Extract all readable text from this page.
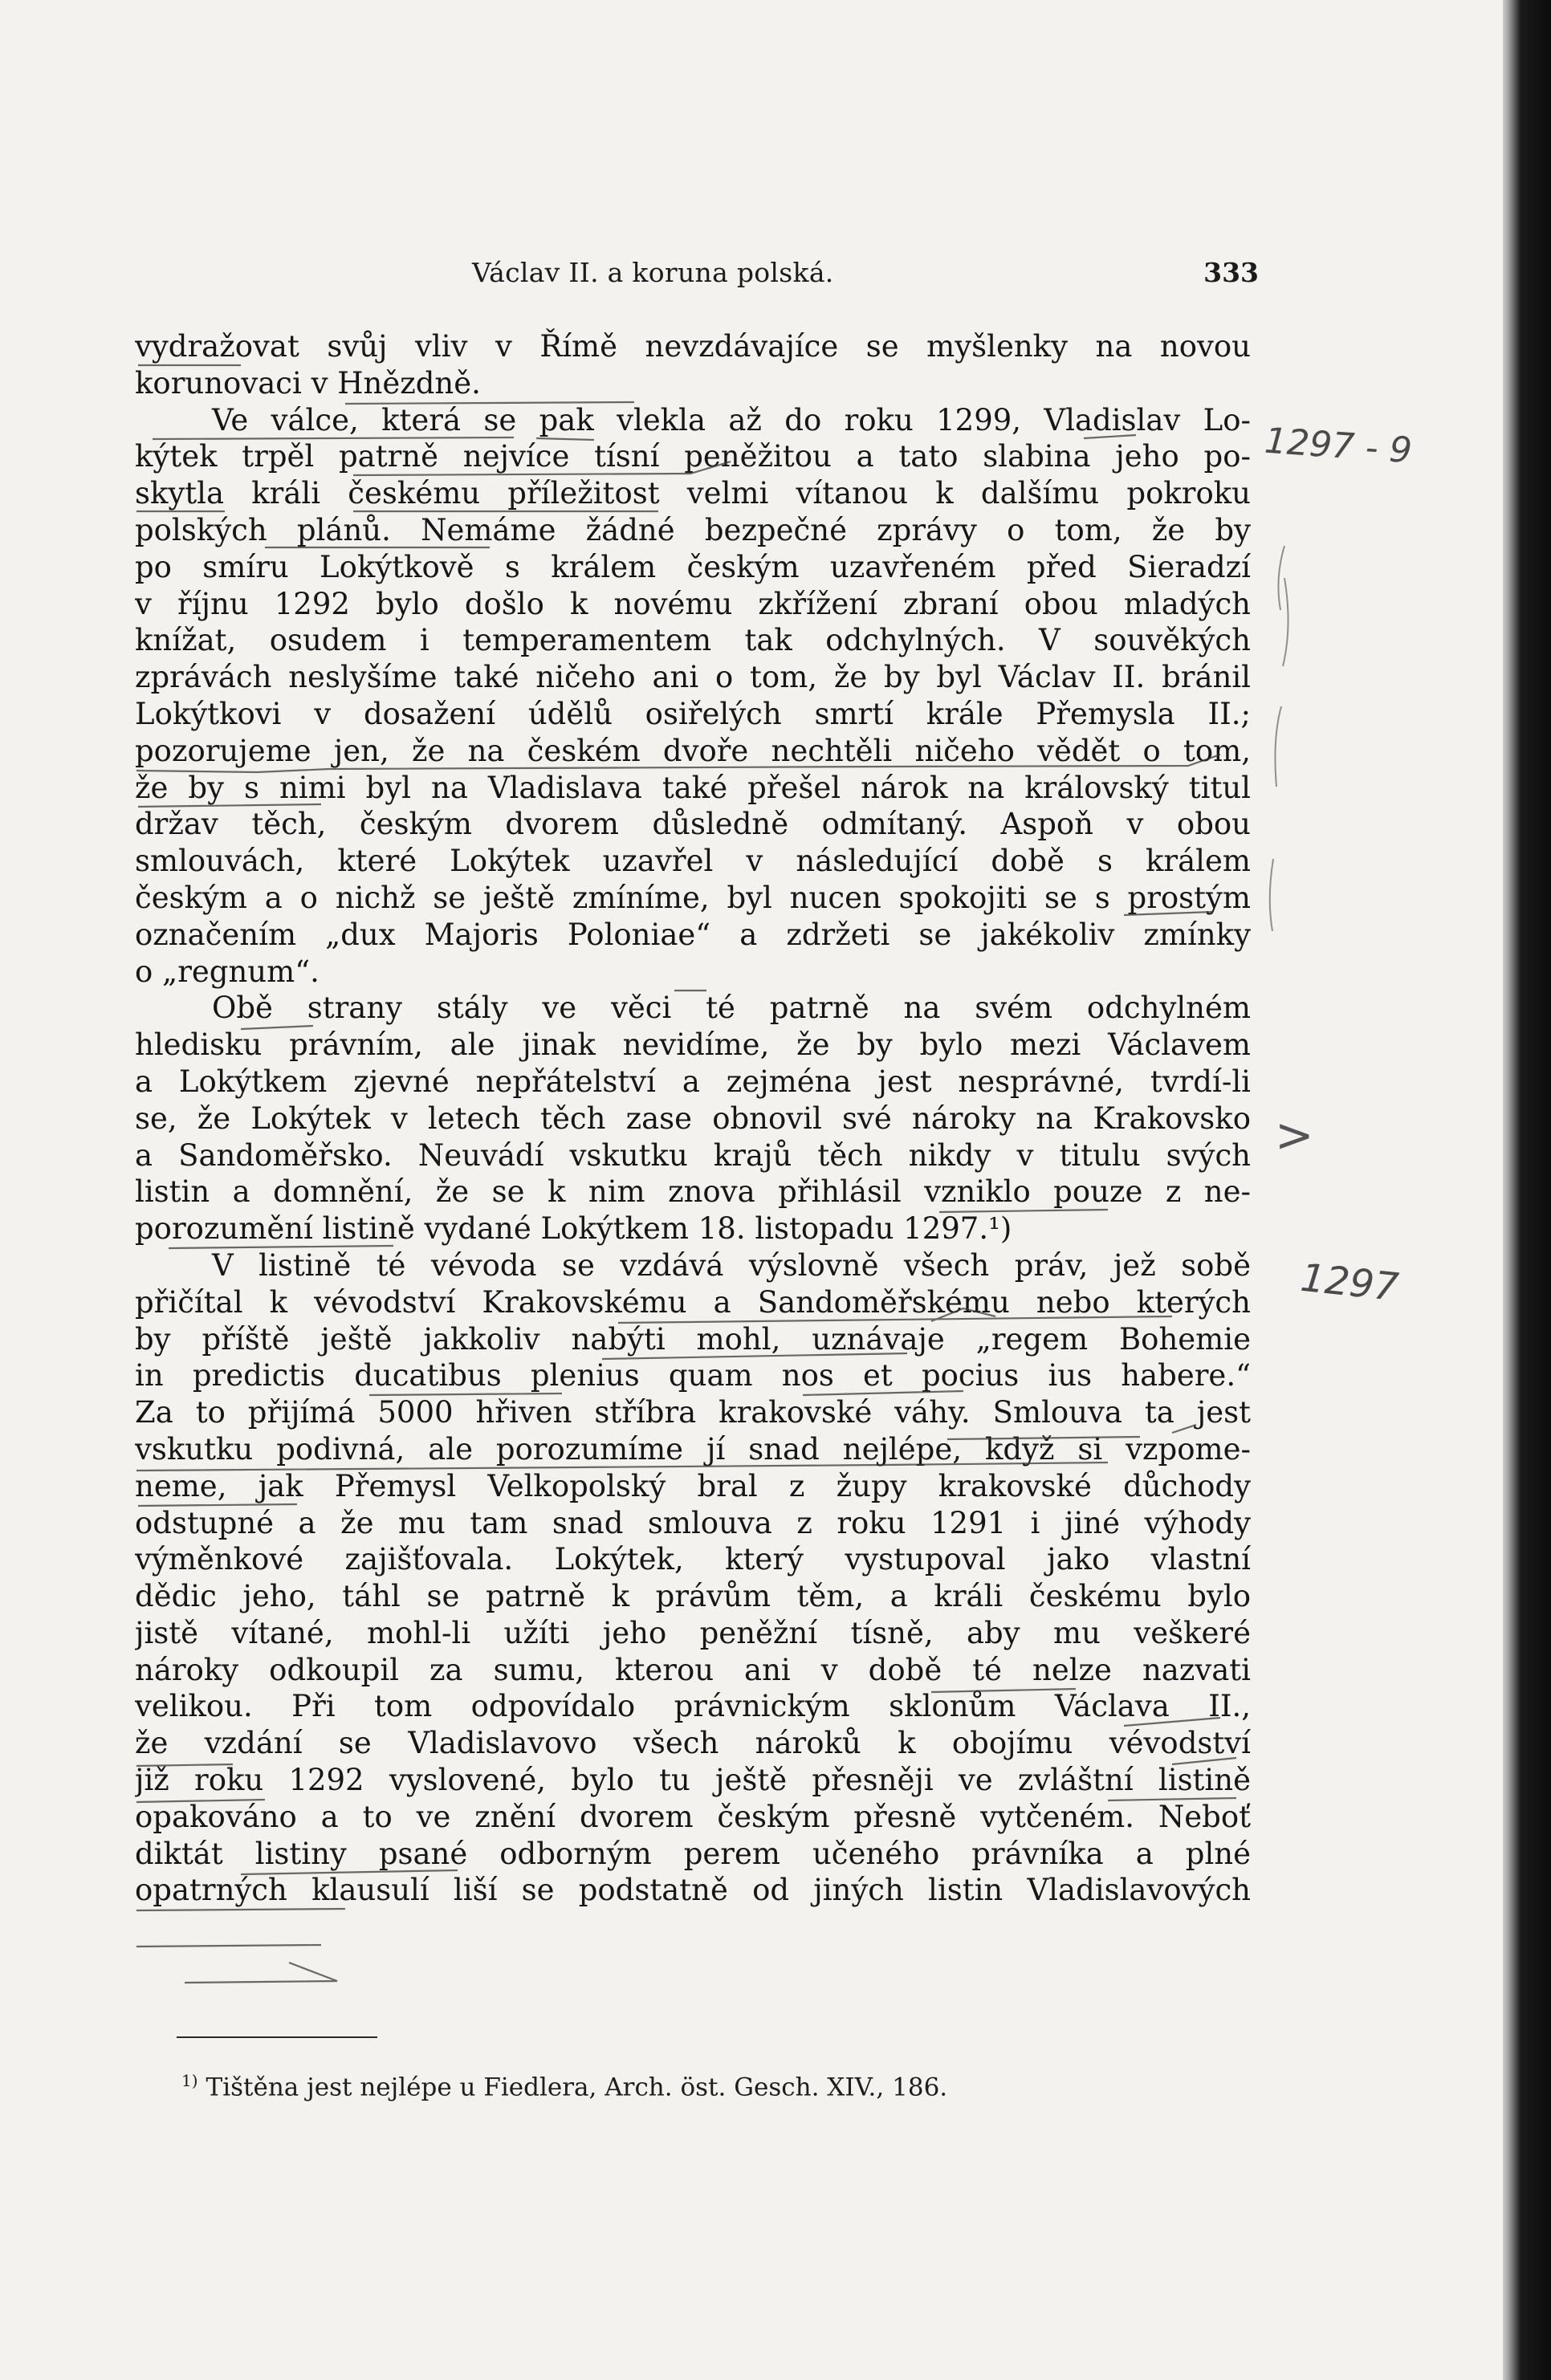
Václav II. a koruna polská.	333
vydražovat svůj vliv v Římě nevzdávajíce se myšlenky na novou
korunovaci v Hnězdně.
Ve válce, která se pak vlekla až do roku 1299, Vladislav Lo-
kýtek trpěl patrně nejvíce tísní peněžitou a tato slabina jeho po-
skytla králi českému příležitost velmi vítanou k dalšímu pokroku
polských plánů. Nemáme žádné bezpečné zprávy o tom, že by
po smíru Lokýtkově s králem českým uzavřeném před Sieradzí
v říjnu 1292 bylo došlo k novému zkřížení zbraní obou mladých
knížat, osudem i temperamentem tak odchylných. V souvěkých
zprávách neslyšíme také ničeho ani o tom, že by byl Václav II. bránil
Lokýtkovi v dosažení údělů osiřelých smrtí krále Přemysla II.;
pozorujeme jen, že na českém dvoře nechtěli ničeho vědět o tom,
že by s nimi byl na Vladislava také přešel nárok na královský titul
držav těch, českým dvorem důsledně odmítaný. Aspoň v obou
smlouvách, které Lokýtek uzavřel v následující době s králem
českým a o nichž se ještě zmíníme, byl nucen spokojiti se s prostým
označením „dux Majoris Poloniae“ a zdržeti se jakékoliv zmínky
o „regnum“.
Obě strany stály ve věci té patrně na svém odchylném
hledisku právním, ale jinak nevidíme, že by bylo mezi Václavem
a Lokýtkem zjevné nepřátelství a zejména jest nesprávné, tvrdí-li
se, že Lokýtek v letech těch zase obnovil své nároky na Krakovsko
a Sandoměřsko. Neuvádí vskutku krajů těch nikdy v titulu svých
listin a domnění, že se k nim znova přihlásil vzniklo pouze z ne-
porozumění listině vydané Lokýtkem 18. listopadu 1297.¹)
V listině té vévoda se vzdává výslovně všech práv, jež sobě
přičítal k vévodství Krakovskému a Sandoměřskému nebo kterých
by příště ještě jakkoliv nabýti mohl, uznávaje „regem Bohemie
in predictis ducatibus plenius quam nos et pocius ius habere.“
Za to přijímá 5000 hřiven stříbra krakovské váhy. Smlouva ta jest
vskutku podivná, ale porozumíme jí snad nejlépe, když si vzpome-
neme, jak Přemysl Velkopolský bral z župy krakovské důchody
odstupné a že mu tam snad smlouva z roku 1291 i jiné výhody
výměnkové zajišťovala. Lokýtek, který vystupoval jako vlastní
dědic jeho, táhl se patrně k právům těm, a králi českému bylo
jistě vítané, mohl-li užíti jeho peněžní tísně, aby mu veškeré
nároky odkoupil za sumu, kterou ani v době té nelze nazvati
velikou. Při tom odpovídalo právnickým sklonům Václava II.,
že vzdání se Vladislavovo všech nároků k obojímu vévodství
již roku 1292 vyslovené, bylo tu ještě přesněji ve zvláštní listině
opakováno a to ve znění dvorem českým přesně vytčeném. Neboť
diktát listiny psané odborným perem učeného právníka a plné
opatrných klausulí liší se podstatně od jiných listin Vladislavových
$^{1)}$ Tištěna jest nejlépe u Fiedlera, Arch. öst. Gesch. XIV., 186.
1297 - 9
>
1297
